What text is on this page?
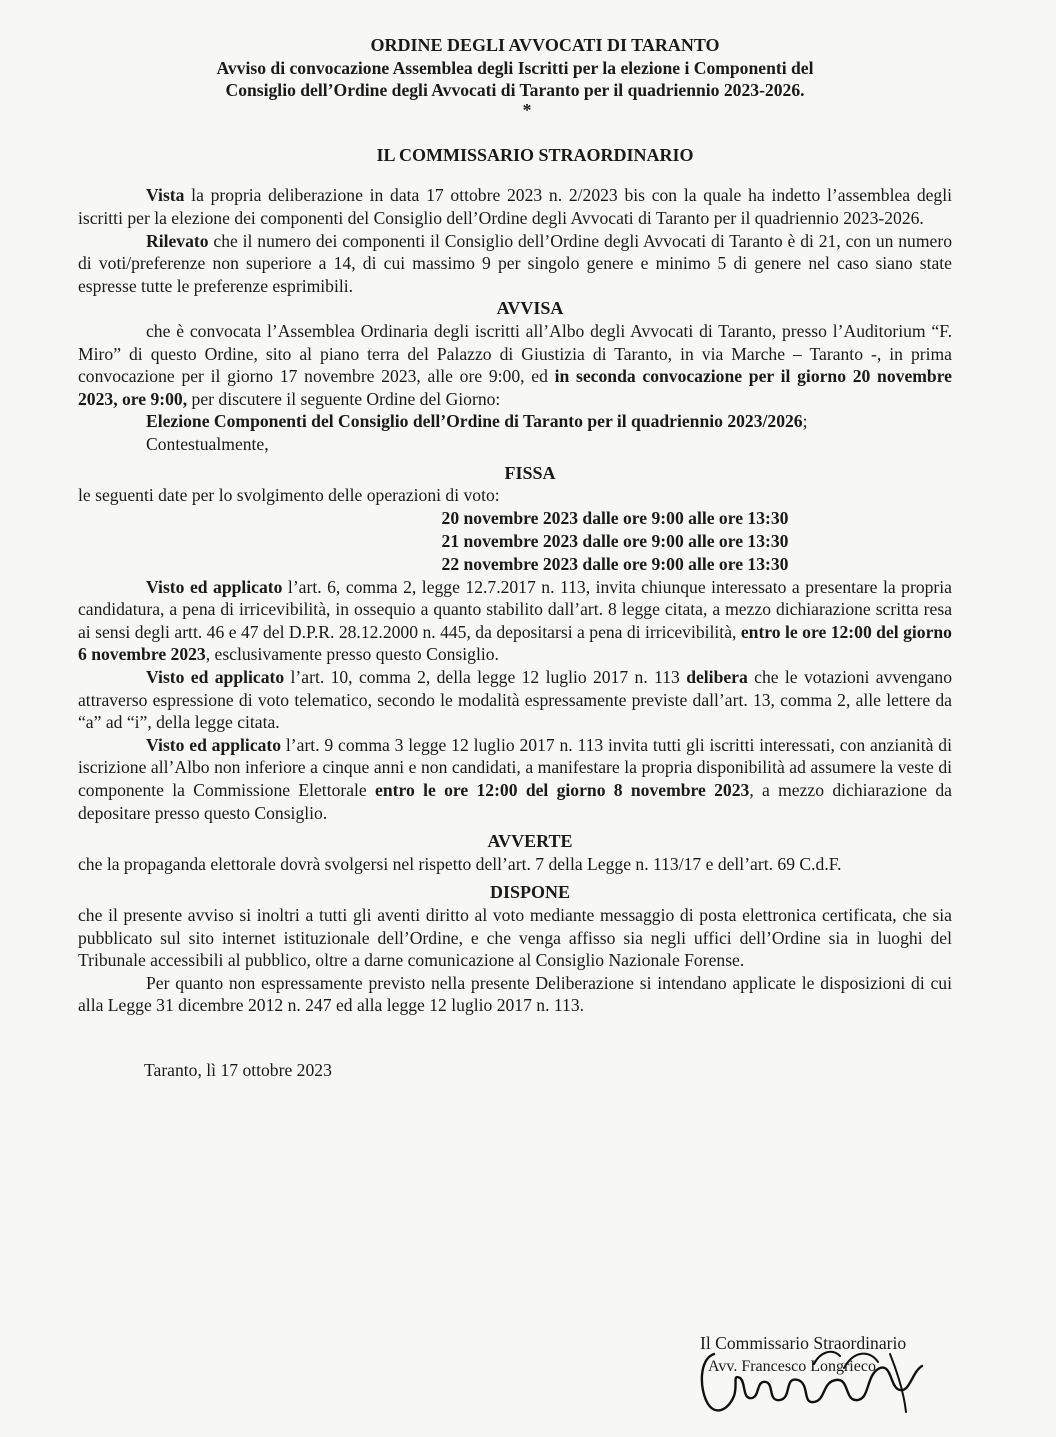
ORDINE DEGLI AVVOCATI DI TARANTO
Avviso di convocazione Assemblea degli Iscritti per la elezione i Componenti del
Consiglio dell’Ordine degli Avvocati di Taranto per il quadriennio 2023-2026.
*
IL COMMISSARIO STRAORDINARIO

Vista la propria deliberazione in data 17 ottobre 2023 n. 2/2023 bis con la quale ha indetto l’assemblea degli iscritti per la elezione dei componenti del Consiglio dell’Ordine degli Avvocati di Taranto per il quadriennio 2023-2026.

Rilevato che il numero dei componenti il Consiglio dell’Ordine degli Avvocati di Taranto è di 21, con un numero di voti/preferenze non superiore a 14, di cui massimo 9 per singolo genere e minimo 5 di genere nel caso siano state espresse tutte le preferenze esprimibili.

AVVISA

che è convocata l’Assemblea Ordinaria degli iscritti all’Albo degli Avvocati di Taranto, presso l’Auditorium “F. Miro” di questo Ordine, sito al piano terra del Palazzo di Giustizia di Taranto, in via Marche – Taranto -, in prima convocazione per il giorno 17 novembre 2023, alle ore 9:00, ed in seconda convocazione per il giorno 20 novembre 2023, ore 9:00, per discutere il seguente Ordine del Giorno:

Elezione Componenti del Consiglio dell’Ordine di Taranto per il quadriennio 2023/2026;

Contestualmente,

FISSA

le seguenti date per lo svolgimento delle operazioni di voto:

20 novembre 2023 dalle ore 9:00 alle ore 13:30
21 novembre 2023 dalle ore 9:00 alle ore 13:30
22 novembre 2023 dalle ore 9:00 alle ore 13:30

Visto ed applicato l’art. 6, comma 2, legge 12.7.2017 n. 113, invita chiunque interessato a presentare la propria candidatura, a pena di irricevibilità, in ossequio a quanto stabilito dall’art. 8 legge citata, a mezzo dichiarazione scritta resa ai sensi degli artt. 46 e 47 del D.P.R. 28.12.2000 n. 445, da depositarsi a pena di irricevibilità, entro le ore 12:00 del giorno 6 novembre 2023, esclusivamente presso questo Consiglio.

Visto ed applicato l’art. 10, comma 2, della legge 12 luglio 2017 n. 113 delibera che le votazioni avvengano attraverso espressione di voto telematico, secondo le modalità espressamente previste dall’art. 13, comma 2, alle lettere da “a” ad “i”, della legge citata.

Visto ed applicato l’art. 9 comma 3 legge 12 luglio 2017 n. 113 invita tutti gli iscritti interessati, con anzianità di iscrizione all’Albo non inferiore a cinque anni e non candidati, a manifestare la propria disponibilità ad assumere la veste di componente la Commissione Elettorale entro le ore 12:00 del giorno 8 novembre 2023, a mezzo dichiarazione da depositare presso questo Consiglio.

AVVERTE

che la propaganda elettorale dovrà svolgersi nel rispetto dell’art. 7 della Legge n. 113/17 e dell’art. 69 C.d.F.

DISPONE

che il presente avviso si inoltri a tutti gli aventi diritto al voto mediante messaggio di posta elettronica certificata, che sia pubblicato sul sito internet istituzionale dell’Ordine, e che venga affisso sia negli uffici dell’Ordine sia in luoghi del Tribunale accessibili al pubblico, oltre a darne comunicazione al Consiglio Nazionale Forense.

Per quanto non espressamente previsto nella presente Deliberazione si intendano applicate le disposizioni di cui alla Legge 31 dicembre 2012 n. 247 ed alla legge 12 luglio 2017 n. 113.

Taranto, lì 17 ottobre 2023
Il Commissario Straordinario
Avv. Francesco Longrieco
